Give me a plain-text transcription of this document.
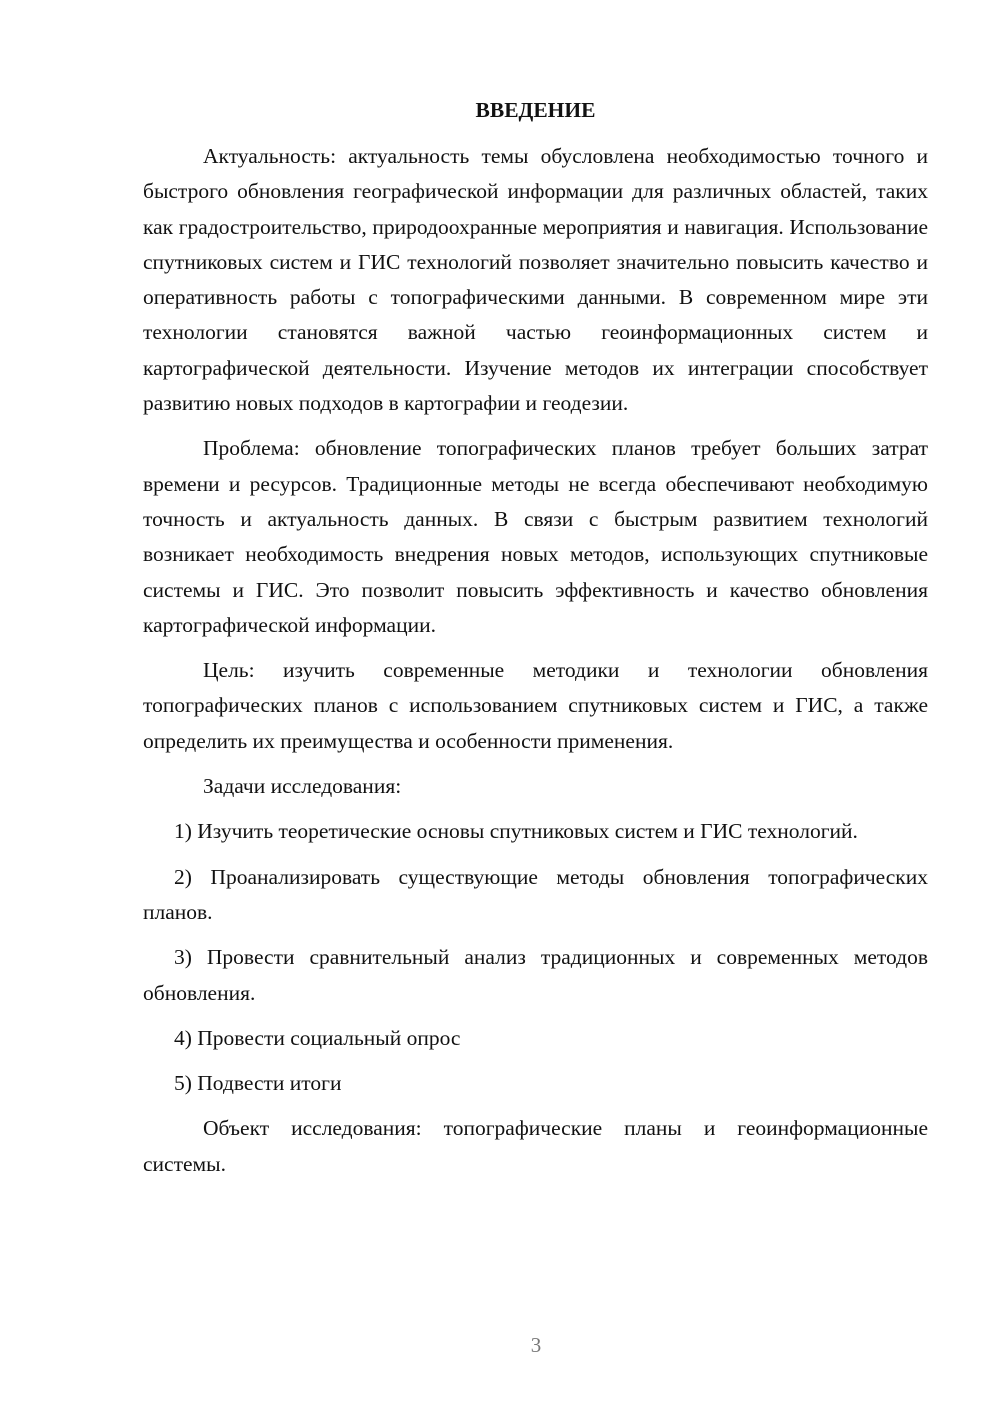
ВВЕДЕНИЕ

Актуальность: актуальность темы обусловлена необходимостью точного и быстрого обновления географической информации для различных областей, таких как градостроительство, природоохранные мероприятия и навигация. Использование спутниковых систем и ГИС технологий позволяет значительно повысить качество и оперативность работы с топографическими данными. В современном мире эти технологии становятся важной частью геоинформационных систем и картографической деятельности. Изучение методов их интеграции способствует развитию новых подходов в картографии и геодезии.

Проблема: обновление топографических планов требует больших затрат времени и ресурсов. Традиционные методы не всегда обеспечивают необходимую точность и актуальность данных. В связи с быстрым развитием технологий возникает необходимость внедрения новых методов, использующих спутниковые системы и ГИС. Это позволит повысить эффективность и качество обновления картографической информации.

Цель: изучить современные методики и технологии обновления топографических планов с использованием спутниковых систем и ГИС, а также определить их преимущества и особенности применения.

Задачи исследования:

1) Изучить теоретические основы спутниковых систем и ГИС технологий.

2) Проанализировать существующие методы обновления топографических планов.

3) Провести сравнительный анализ традиционных и современных методов обновления.

4) Провести социальный опрос

5) Подвести итоги

Объект исследования: топографические планы и геоинформационные системы.

3
